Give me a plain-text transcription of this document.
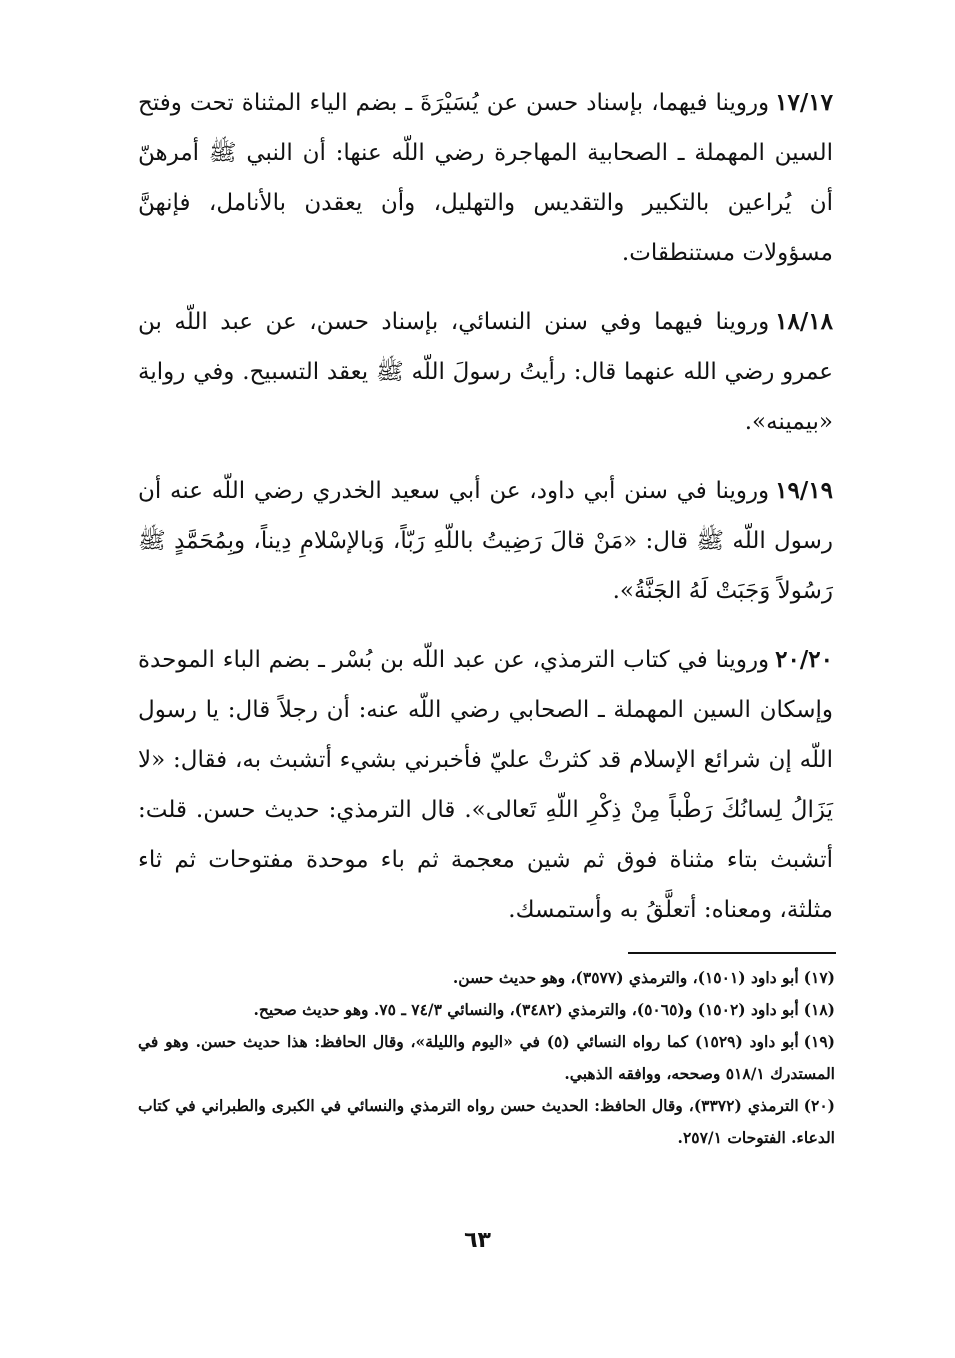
١٧/١٧وروينا فيهما، بإسناد حسن عن يُسَيْرَةَ ـ بضم الياء المثناة تحت وفتح السين المهملة ـ الصحابية المهاجرة رضي اللّه عنها: أن النبي ﷺ أمرهنّ أن يُراعين بالتكبير والتقديس والتهليل، وأن يعقدن بالأنامل، فإنهنَّ مسؤولات مستنطقات.

١٨/١٨وروينا فيهما وفي سنن النسائي، بإسناد حسن، عن عبد اللّه بن عمرو رضي الله عنهما قال: رأيتُ رسولَ اللّه ﷺ يعقد التسبيح. وفي رواية «بيمينه».

١٩/١٩وروينا في سنن أبي داود، عن أبي سعيد الخدري رضي اللّه عنه أن رسول اللّه ﷺ قال: «مَنْ قالَ رَضِيتُ باللّهِ رَبّاً، وَبالإسْلامِ دِيناً، وبِمُحَمَّدٍ ﷺ رَسُولاً وَجَبَتْ لَهُ الجَنَّةُ».

٢٠/٢٠وروينا في كتاب الترمذي، عن عبد اللّه بن بُسْر ـ بضم الباء الموحدة وإسكان السين المهملة ـ الصحابي رضي اللّه عنه: أن رجلاً قال: يا رسول اللّه إن شرائع الإسلام قد كثرتْ عليّ فأخبرني بشيء أتشبث به، فقال: «لا يَزَالُ لِسانُكَ رَطْباً مِنْ ذِكْرِ اللّهِ تَعالى». قال الترمذي: حديث حسن. قلت: أتشبث بتاء مثناة فوق ثم شين معجمة ثم باء موحدة مفتوحات ثم ثاء مثلثة، ومعناه: أتعلَّقُ به وأستمسك.

(١٧)أبو داود (١٥٠١)، والترمذي (٣٥٧٧)، وهو حديث حسن.

(١٨)أبو داود (١٥٠٢) و(٥٠٦٥)، والترمذي (٣٤٨٢)، والنسائي ٧٤/٣ ـ ٧٥. وهو حديث صحيح.

(١٩)أبو داود (١٥٢٩) كما رواه النسائي (٥) في «اليوم والليلة»، وقال الحافظ: هذا حديث حسن. وهو في المستدرك ٥١٨/١ وصححه، ووافقه الذهبي.

(٢٠)الترمذي (٣٣٧٢)، وقال الحافظ: الحديث حسن رواه الترمذي والنسائي في الكبرى والطبراني في كتاب الدعاء. الفتوحات ٢٥٧/١.

٦٣
